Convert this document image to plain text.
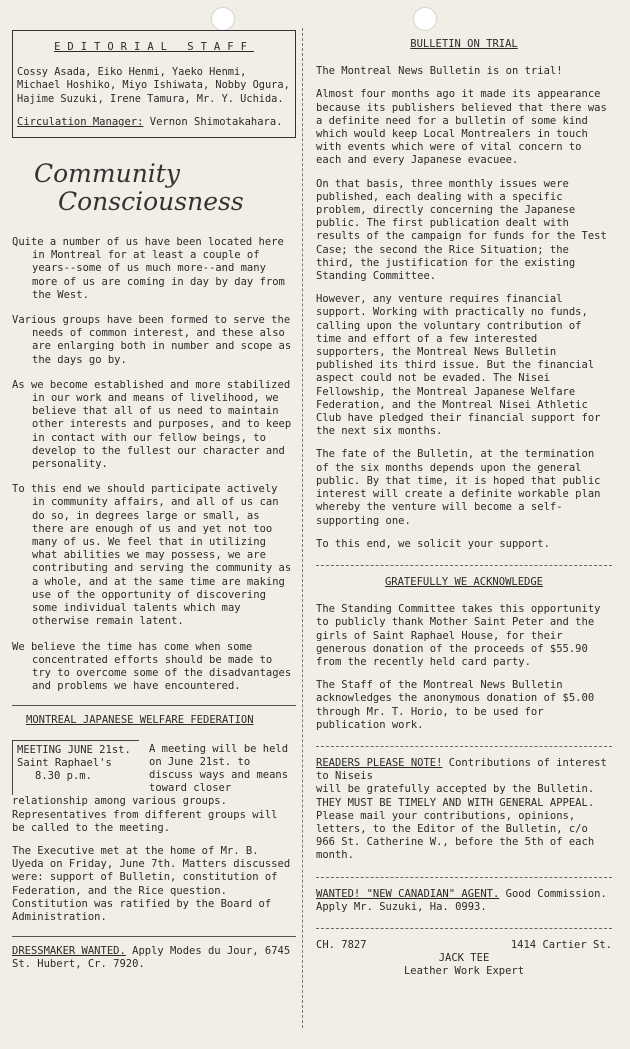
EDITORIAL STAFF
Cossy Asada, Eiko Henmi, Yaeko Henmi, Michael Hoshiko, Miyo Ishiwata, Nobby Ogura, Hajime Suzuki, Irene Tamura, Mr. Y. Uchida.
Circulation Manager: Vernon Shimotakahara.
Community
Consciousness

Quite a number of us have been located here in Montreal for at least a couple of years--some of us much more--and many more of us are coming in day by day from the West.

Various groups have been formed to serve the needs of common interest, and these also are enlarging both in number and scope as the days go by.

As we become established and more stabilized in our work and means of livelihood, we believe that all of us need to maintain other interests and purposes, and to keep in contact with our fellow beings, to develop to the fullest our character and personality.

To this end we should participate actively in community affairs, and all of us can do so, in degrees large or small, as there are enough of us and yet not too many of us. We feel that in utilizing what abilities we may possess, we are contributing and serving the community as a whole, and at the same time are making use of the opportunity of discovering some individual talents which may otherwise remain latent.

We believe the time has come when some concentrated efforts should be made to try to overcome some of the disadvantages and problems we have encountered.

MONTREAL JAPANESE WELFARE FEDERATION
MEETING JUNE 21st.
Saint Raphael's
8.30 p.m.
A meeting will be held on June 21st. to discuss ways and means toward closer

relationship among various groups. Representatives from different groups will be called to the meeting.

The Executive met at the home of Mr. B. Uyeda on Friday, June 7th. Matters discussed were: support of Bulletin, constitution of Federation, and the Rice question. Constitution was ratified by the Board of Administration.

DRESSMAKER WANTED. Apply Modes du Jour, 6745 St. Hubert, Cr. 7920.

BULLETIN ON TRIAL

The Montreal News Bulletin is on trial!

Almost four months ago it made its appearance because its publishers believed that there was a definite need for a bulletin of some kind which would keep Local Montrealers in touch with events which were of vital concern to each and every Japanese evacuee.

On that basis, three monthly issues were published, each dealing with a specific problem, directly concerning the Japanese public. The first publication dealt with results of the campaign for funds for the Test Case; the second the Rice Situation; the third, the justification for the existing Standing Committee.

However, any venture requires financial support. Working with practically no funds, calling upon the voluntary contribution of time and effort of a few interested supporters, the Montreal News Bulletin published its third issue. But the financial aspect could not be evaded. The Nisei Fellowship, the Montreal Japanese Welfare Federation, and the Montreal Nisei Athletic Club have pledged their financial support for the next six months.

The fate of the Bulletin, at the termination of the six months depends upon the general public. By that time, it is hoped that public interest will create a definite workable plan whereby the venture will become a self-supporting one.

To this end, we solicit your support.

GRATEFULLY WE ACKNOWLEDGE

The Standing Committee takes this opportunity to publicly thank Mother Saint Peter and the girls of Saint Raphael House, for their generous donation of the proceeds of $55.90 from the recently held card party.

The Staff of the Montreal News Bulletin acknowledges the anonymous donation of $5.00 through Mr. T. Horio, to be used for publication work.

READERS PLEASE NOTE! Contributions of interest to Niseis

will be gratefully accepted by the Bulletin. THEY MUST BE TIMELY AND WITH GENERAL APPEAL. Please mail your contributions, opinions, letters, to the Editor of the Bulletin, c/o 966 St. Catherine W., before the 5th of each month.

WANTED! "NEW CANADIAN" AGENT. Good Commission. Apply Mr. Suzuki, Ha. 0993.

CH. 7827	1414 Cartier St.
JACK TEE
Leather Work Expert
